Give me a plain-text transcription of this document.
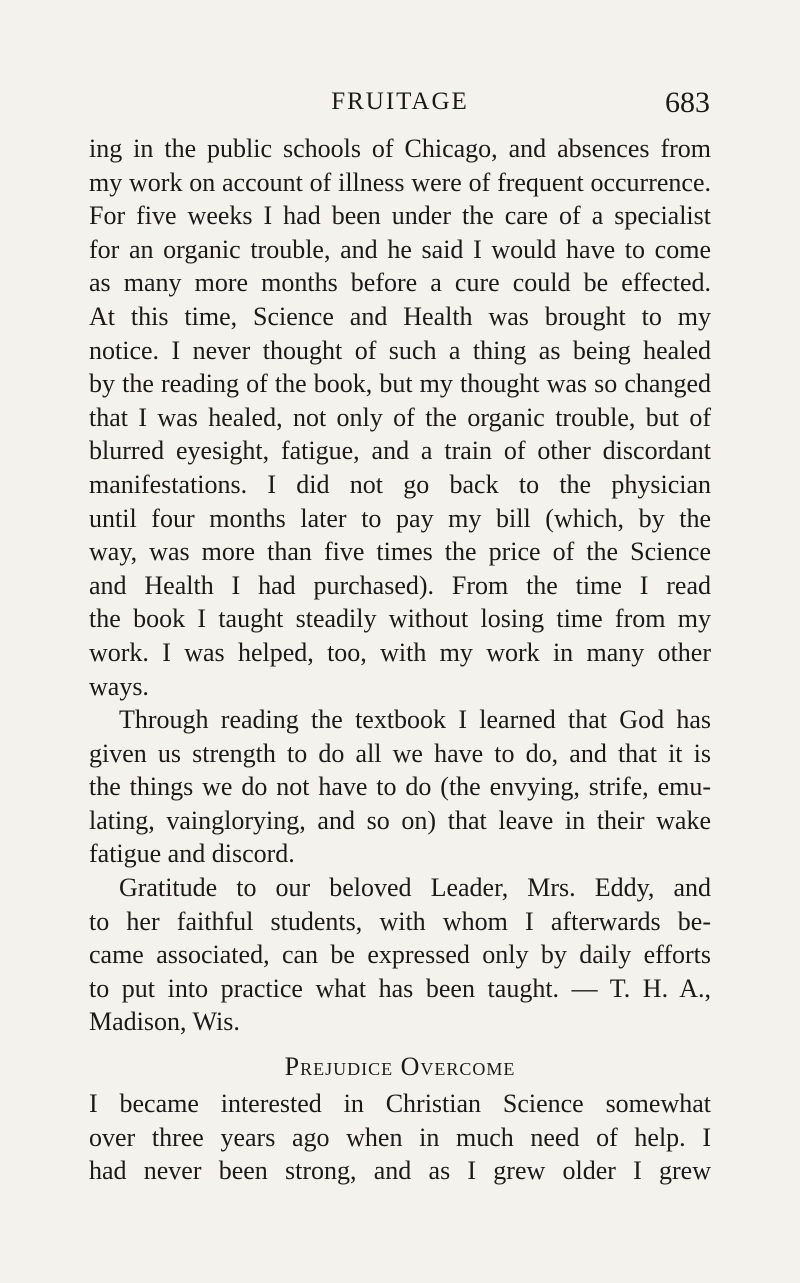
FRUITAGE	683
ing in the public schools of Chicago, and absences from
my work on account of illness were of frequent occurrence.
For five weeks I had been under the care of a specialist
for an organic trouble, and he said I would have to come
as many more months before a cure could be effected.
At this time, Science and Health was brought to my
notice. I never thought of such a thing as being healed
by the reading of the book, but my thought was so changed
that I was healed, not only of the organic trouble, but of
blurred eyesight, fatigue, and a train of other discordant
manifestations. I did not go back to the physician
until four months later to pay my bill (which, by the
way, was more than five times the price of the Science
and Health I had purchased). From the time I read
the book I taught steadily without losing time from my
work. I was helped, too, with my work in many other
ways.
Through reading the textbook I learned that God has
given us strength to do all we have to do, and that it is
the things we do not have to do (the envying, strife, emu-
lating, vainglorying, and so on) that leave in their wake
fatigue and discord.
Gratitude to our beloved Leader, Mrs. Eddy, and
to her faithful students, with whom I afterwards be-
came associated, can be expressed only by daily efforts
to put into practice what has been taught. — T. H. A.,
Madison, Wis.
Prejudice Overcome
I became interested in Christian Science somewhat
over three years ago when in much need of help. I
had never been strong, and as I grew older I grew
